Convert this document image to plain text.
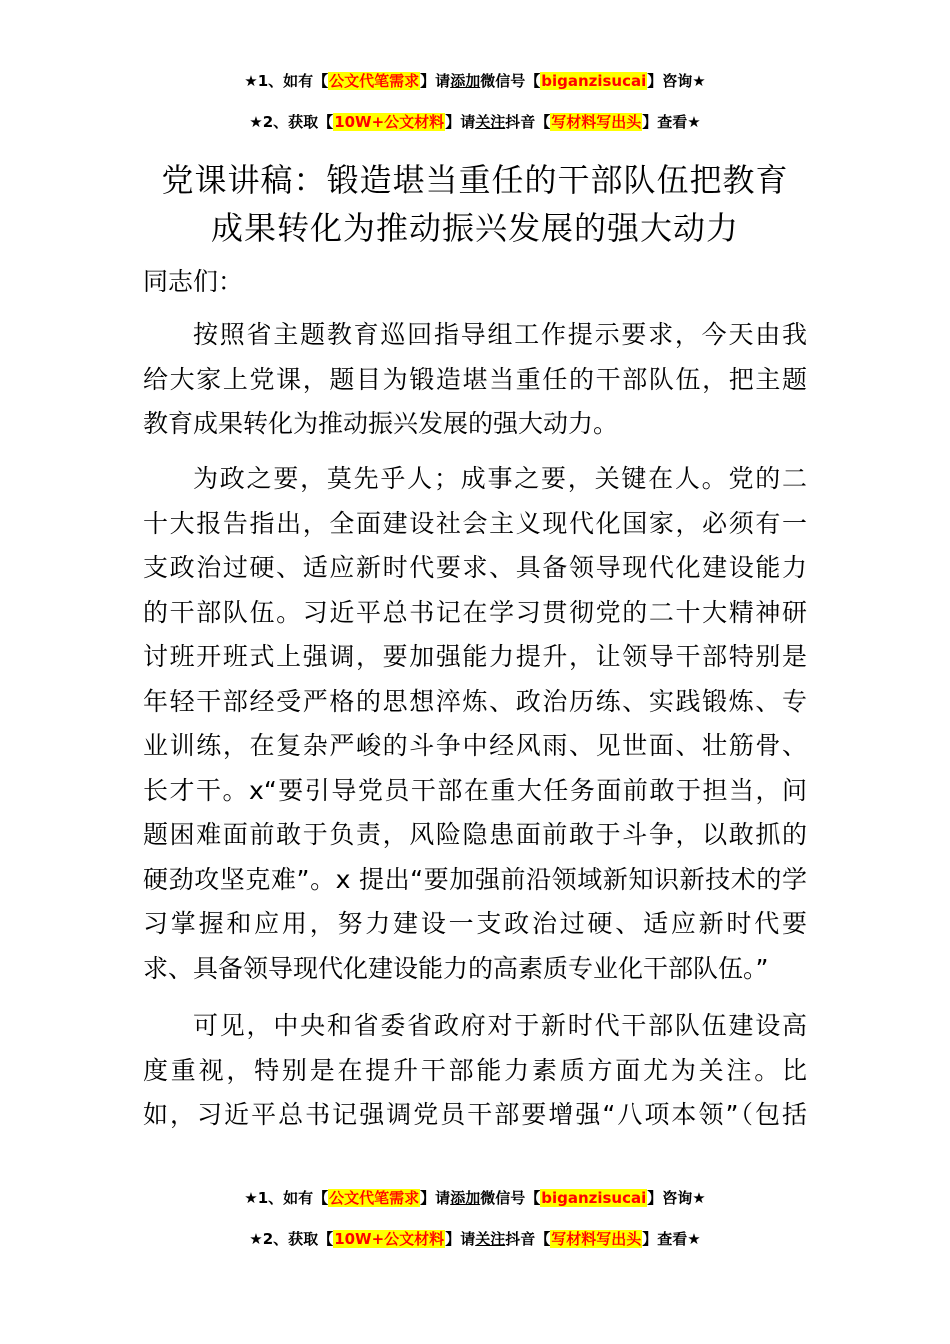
★1、如有【公文代笔需求】请添加微信号【biganzisucai】咨询★
★2、获取【10W+公文材料】请关注抖音【写材料写出头】查看★
党课讲稿：锻造堪当重任的干部队伍把教育
成果转化为推动振兴发展的强大动力
同志们：
按照省主题教育巡回指导组工作提示要求，今天由我
给大家上党课，题目为锻造堪当重任的干部队伍，把主题
教育成果转化为推动振兴发展的强大动力。
为政之要，莫先乎人；成事之要，关键在人。党的二
十大报告指出，全面建设社会主义现代化国家，必须有一
支政治过硬、适应新时代要求、具备领导现代化建设能力
的干部队伍。习近平总书记在学习贯彻党的二十大精神研
讨班开班式上强调，要加强能力提升，让领导干部特别是
年轻干部经受严格的思想淬炼、政治历练、实践锻炼、专
业训练，在复杂严峻的斗争中经风雨、见世面、壮筋骨、
长才干。x“要引导党员干部在重大任务面前敢于担当，问
题困难面前敢于负责，风险隐患面前敢于斗争，以敢抓的
硬劲攻坚克难”。x 提出“要加强前沿领域新知识新技术的学
习掌握和应用，努力建设一支政治过硬、适应新时代要
求、具备领导现代化建设能力的高素质专业化干部队伍。”
可见，中央和省委省政府对于新时代干部队伍建设高
度重视，特别是在提升干部能力素质方面尤为关注。比
如，习近平总书记强调党员干部要增强“八项本领”（包括
★1、如有【公文代笔需求】请添加微信号【biganzisucai】咨询★
★2、获取【10W+公文材料】请关注抖音【写材料写出头】查看★
